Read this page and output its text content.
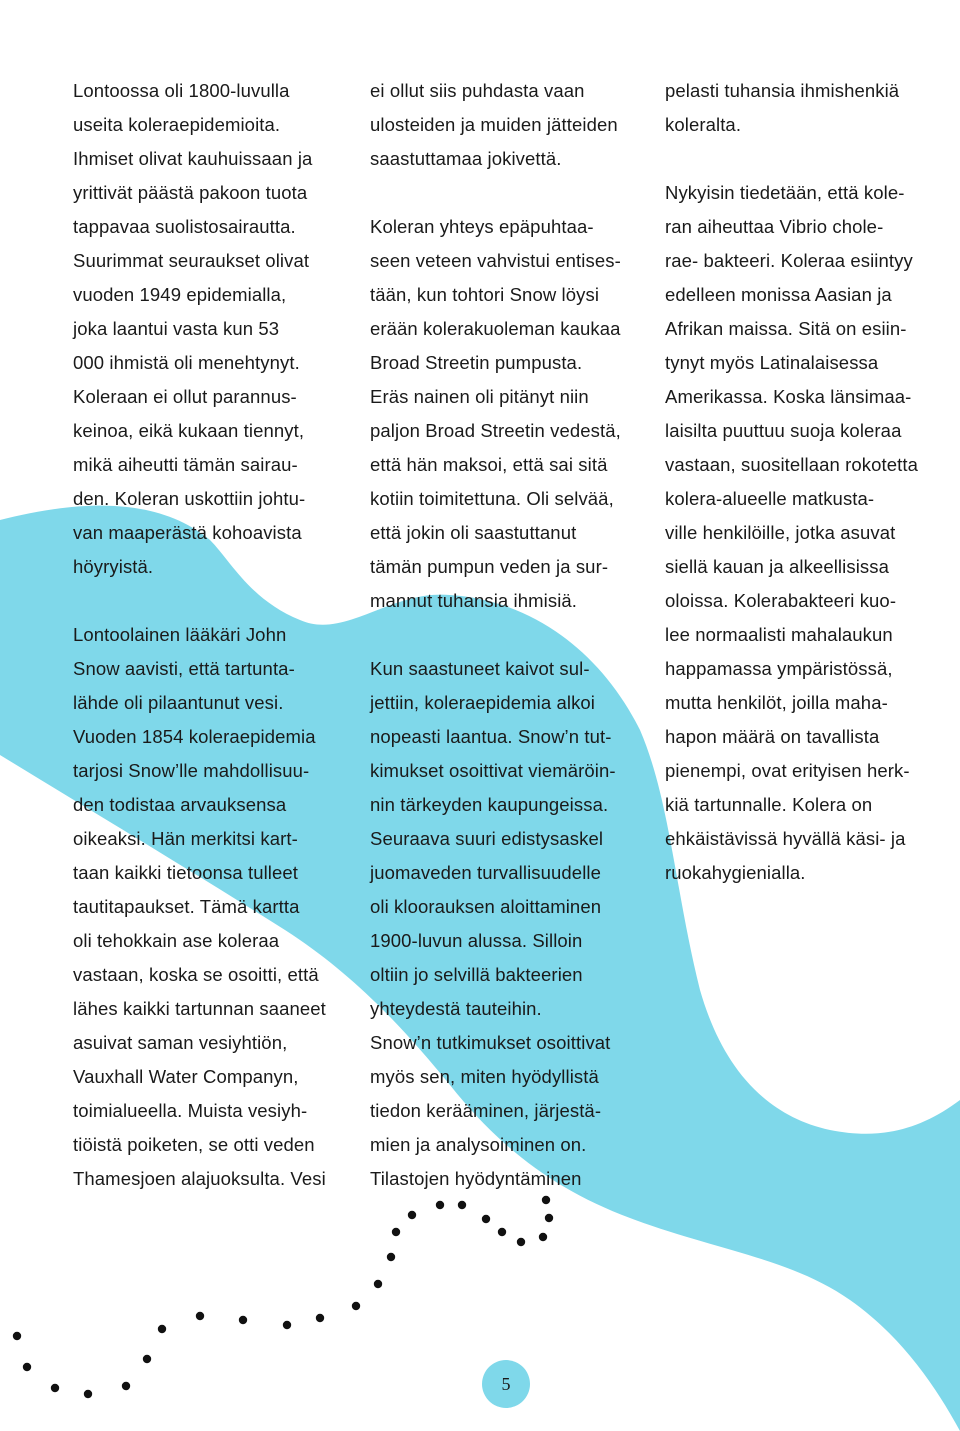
Lontoossa oli 1800-luvulla
useita koleraepidemioita.
Ihmiset olivat kauhuissaan ja
yrittivät päästä pakoon tuota
tappavaa suolistosairautta.
Suurimmat seuraukset olivat
vuoden 1949 epidemialla,
joka laantui vasta kun 53
000 ihmistä oli menehtynyt.
Koleraan ei ollut parannus-
keinoa, eikä kukaan tiennyt,
mikä aiheutti tämän sairau-
den. Koleran uskottiin johtu-
van maaperästä kohoavista
höyryistä.
Lontoolainen lääkäri John
Snow aavisti, että tartunta-
lähde oli pilaantunut vesi.
Vuoden 1854 koleraepidemia
tarjosi Snow’lle mahdollisuu-
den todistaa arvauksensa
oikeaksi. Hän merkitsi kart-
taan kaikki tietoonsa tulleet
tautitapaukset. Tämä kartta
oli tehokkain ase koleraa
vastaan, koska se osoitti, että
lähes kaikki tartunnan saaneet
asuivat saman vesiyhtiön,
Vauxhall Water Companyn,
toimialueella. Muista vesiyh-
tiöistä poiketen, se otti veden
Thamesjoen alajuoksulta. Vesi
ei ollut siis puhdasta vaan
ulosteiden ja muiden jätteiden
saastuttamaa jokivettä.
Koleran yhteys epäpuhtaa-
seen veteen vahvistui entises-
tään, kun tohtori Snow löysi
erään kolerakuoleman kaukaa
Broad Streetin pumpusta.
Eräs nainen oli pitänyt niin
paljon Broad Streetin vedestä,
että hän maksoi, että sai sitä
kotiin toimitettuna. Oli selvää,
että jokin oli saastuttanut
tämän pumpun veden ja sur-
mannut tuhansia ihmisiä.
Kun saastuneet kaivot sul-
jettiin, koleraepidemia alkoi
nopeasti laantua. Snow’n tut-
kimukset osoittivat viemäröin-
nin tärkeyden kaupungeissa.
Seuraava suuri edistysaskel
juomaveden turvallisuudelle
oli kloorauksen aloittaminen
1900-luvun alussa. Silloin
oltiin jo selvillä bakteerien
yhteydestä tauteihin.
Snow’n tutkimukset osoittivat
myös sen, miten hyödyllistä
tiedon kerääminen, järjestä-
mien ja analysoiminen on.
Tilastojen hyödyntäminen
pelasti tuhansia ihmishenkiä
koleralta.
Nykyisin tiedetään, että kole-
ran aiheuttaa Vibrio chole-
rae- bakteeri. Koleraa esiintyy
edelleen monissa Aasian ja
Afrikan maissa. Sitä on esiin-
tynyt myös Latinalaisessa
Amerikassa. Koska länsimaa-
laisilta puuttuu suoja koleraa
vastaan, suositellaan rokotetta
kolera-alueelle matkusta-
ville henkilöille, jotka asuvat
siellä kauan ja alkeellisissa
oloissa. Kolerabakteeri kuo-
lee normaalisti mahalaukun
happamassa ympäristössä,
mutta henkilöt, joilla maha-
hapon määrä on tavallista
pienempi, ovat erityisen herk-
kiä tartunnalle. Kolera on
ehkäistävissä hyvällä käsi- ja
ruokahygienialla.
5
